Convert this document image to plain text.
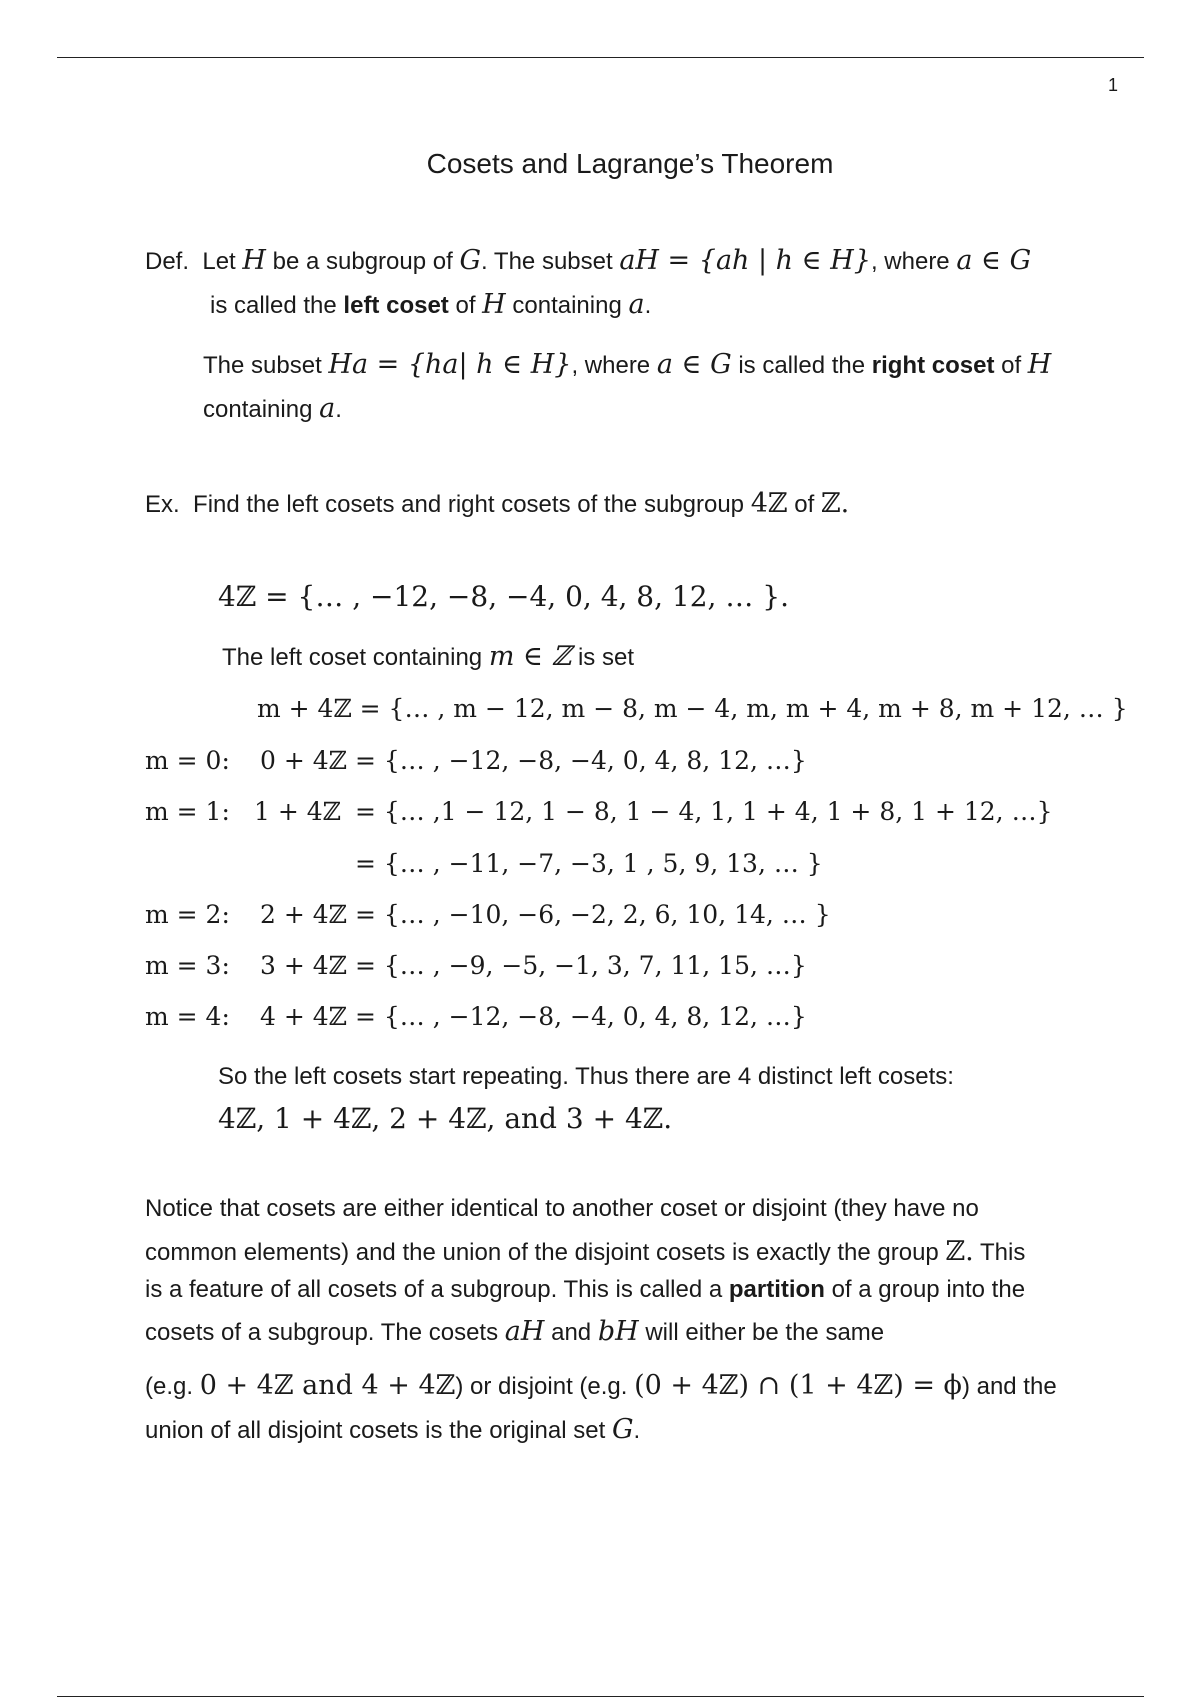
1
Cosets and Lagrange’s Theorem
Def. Let H be a subgroup of G. The subset aH = {ah | h ∈ H}, where a ∈ G
is called the left coset of H containing a.
The subset Ha = {ha| h ∈ H}, where a ∈ G is called the right coset of H
containing a.
Ex. Find the left cosets and right cosets of the subgroup 4ℤ of ℤ.
4ℤ = {… , −12, −8, −4, 0, 4, 8, 12, … }.
The left coset containing m ∈ ℤ is set
m + 4ℤ = {… , m − 12, m − 8, m − 4, m, m + 4, m + 8, m + 12, … }
m = 0: 0 + 4ℤ = {… , −12, −8, −4, 0, 4, 8, 12, …}
m = 1: 1 + 4ℤ = {… ,1 − 12, 1 − 8, 1 − 4, 1, 1 + 4, 1 + 8, 1 + 12, …}
= {… , −11, −7, −3, 1 , 5, 9, 13, … }
m = 2: 2 + 4ℤ = {… , −10, −6, −2, 2, 6, 10, 14, … }
m = 3: 3 + 4ℤ = {… , −9, −5, −1, 3, 7, 11, 15, …}
m = 4: 4 + 4ℤ = {… , −12, −8, −4, 0, 4, 8, 12, …}
So the left cosets start repeating. Thus there are 4 distinct left cosets:
4ℤ, 1 + 4ℤ, 2 + 4ℤ, and 3 + 4ℤ.
Notice that cosets are either identical to another coset or disjoint (they have no
common elements) and the union of the disjoint cosets is exactly the group ℤ. This
is a feature of all cosets of a subgroup. This is called a partition of a group into the
cosets of a subgroup. The cosets aH and bH will either be the same
(e.g. 0 + 4ℤ and 4 + 4ℤ) or disjoint (e.g. (0 + 4ℤ) ∩ (1 + 4ℤ) = ϕ) and the
union of all disjoint cosets is the original set G.
